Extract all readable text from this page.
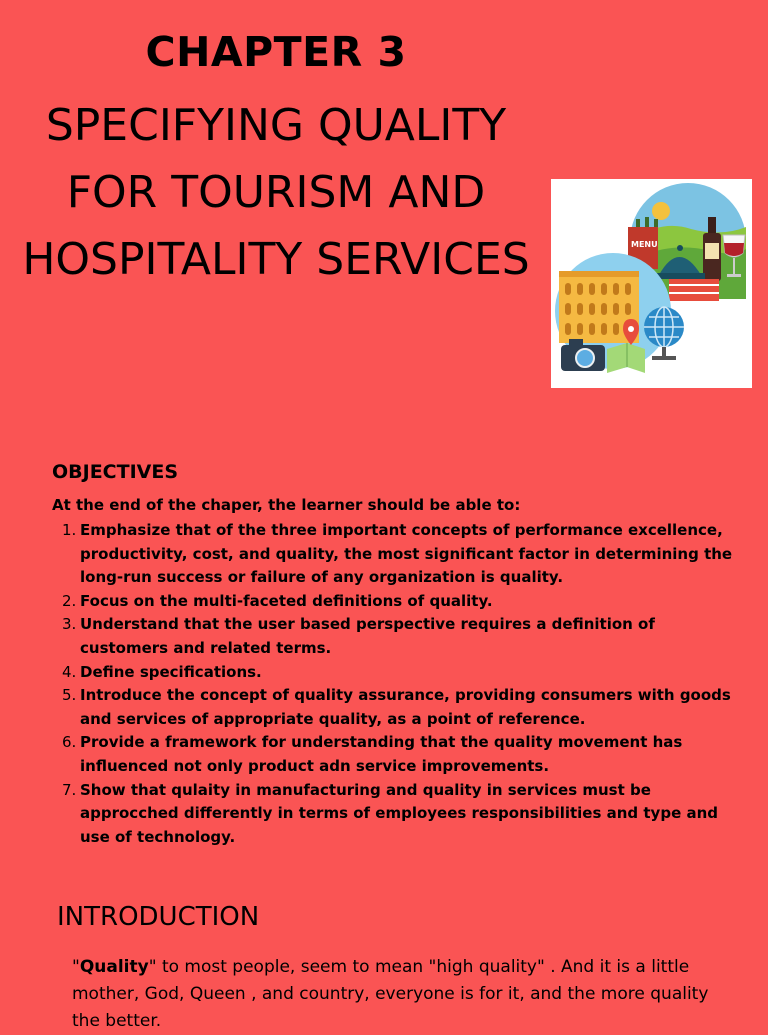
CHAPTER 3
SPECIFYING QUALITY
FOR TOURISM AND
HOSPITALITY SERVICES	MENU
OBJECTIVES

At the end of the chaper, the learner should be able to:

1. Emphasize that of the three important concepts of performance excellence, productivity, cost, and quality, the most significant factor in determining the long-run success or failure of any organization is quality.
2. Focus on the multi-faceted definitions of quality.
3. Understand that the user based perspective requires a definition of customers and related terms.
4. Define specifications.
5. Introduce the concept of quality assurance, providing consumers with goods and services of appropriate quality, as a point of reference.
6. Provide a framework for understanding that the quality movement has influenced not only product adn service improvements.
7. Show that qulaity in manufacturing and quality in services must be approcched differently in terms of employees responsibilities and type and use of technology.
INTRODUCTION

"Quality" to most people, seem to mean "high quality" . And it is a little mother, God, Queen , and country, everyone is for it, and the more quality the better.
